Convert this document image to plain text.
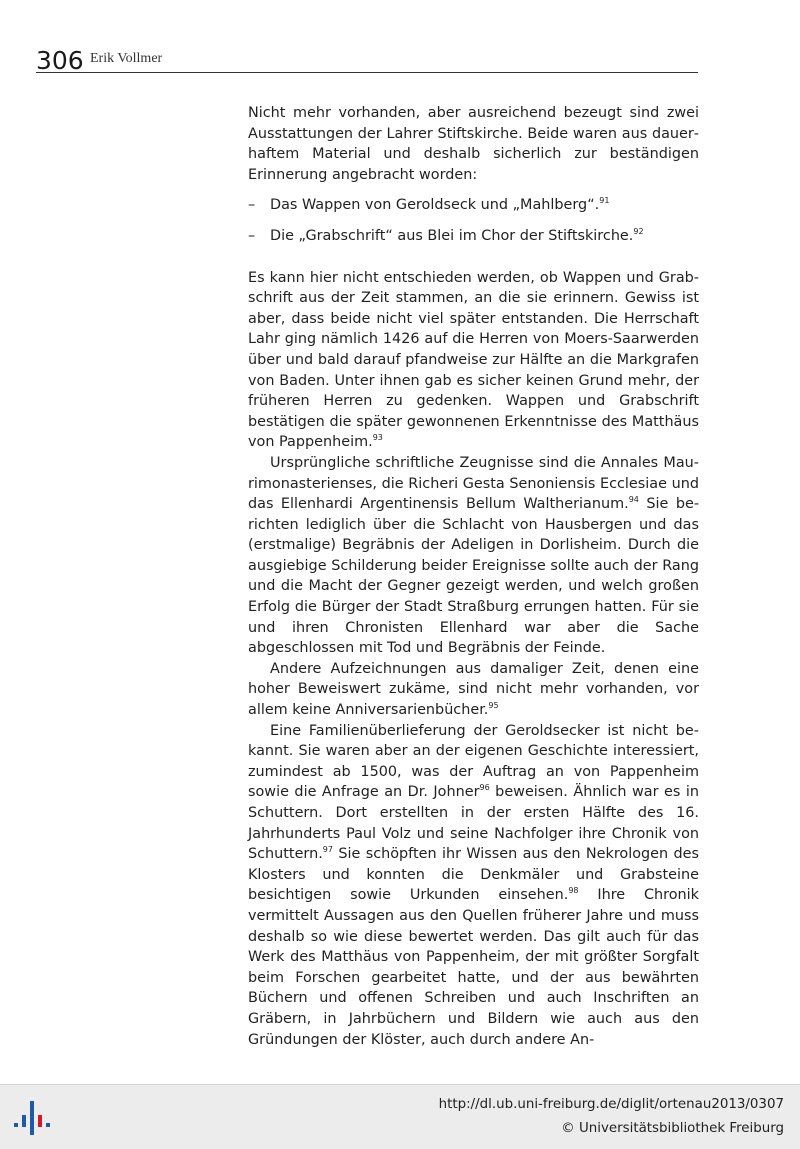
306 Erik Vollmer

Nicht mehr vorhanden, aber ausreichend bezeugt sind zwei Ausstattungen der Lahrer Stiftskirche. Beide waren aus dauerhaftem Material und deshalb sicherlich zur beständigen Erinnerung angebracht worden:

– Das Wappen von Geroldseck und „Mahlberg“.$^{91}$
– Die „Grabschrift“ aus Blei im Chor der Stiftskirche.$^{92}$

Es kann hier nicht entschieden werden, ob Wappen und Grabschrift aus der Zeit stammen, an die sie erinnern. Gewiss ist aber, dass beide nicht viel später entstanden. Die Herrschaft Lahr ging nämlich 1426 auf die Herren von Moers-Saarwerden über und bald darauf pfandweise zur Hälfte an die Markgrafen von Baden. Unter ihnen gab es sicher keinen Grund mehr, der früheren Herren zu gedenken. Wappen und Grabschrift bestätigen die später gewonnenen Erkenntnisse des Matthäus von Pappenheim.$^{93}$

Ursprüngliche schriftliche Zeugnisse sind die Annales Maurimonasterienses, die Richeri Gesta Senoniensis Ecclesiae und das Ellenhardi Argentinensis Bellum Waltherianum.$^{94}$ Sie berichten lediglich über die Schlacht von Hausbergen und das (erstmalige) Begräbnis der Adeligen in Dorlisheim. Durch die ausgiebige Schilderung beider Ereignisse sollte auch der Rang und die Macht der Gegner gezeigt werden, und welch großen Erfolg die Bürger der Stadt Straßburg errungen hatten. Für sie und ihren Chronisten Ellenhard war aber die Sache abgeschlossen mit Tod und Begräbnis der Feinde.

Andere Aufzeichnungen aus damaliger Zeit, denen eine hoher Beweiswert zukäme, sind nicht mehr vorhanden, vor allem keine Anniversarienbücher.$^{95}$

Eine Familienüberlieferung der Geroldsecker ist nicht bekannt. Sie waren aber an der eigenen Geschichte interessiert, zumindest ab 1500, was der Auftrag an von Pappenheim sowie die Anfrage an Dr. Johner$^{96}$ beweisen. Ähnlich war es in Schuttern. Dort erstellten in der ersten Hälfte des 16. Jahrhunderts Paul Volz und seine Nachfolger ihre Chronik von Schuttern.$^{97}$ Sie schöpften ihr Wissen aus den Nekrologen des Klosters und konnten die Denkmäler und Grabsteine besichtigen sowie Urkunden einsehen.$^{98}$ Ihre Chronik vermittelt Aussagen aus den Quellen früherer Jahre und muss deshalb so wie diese bewertet werden. Das gilt auch für das Werk des Matthäus von Pappenheim, der mit größter Sorgfalt beim Forschen gearbeitet hatte, und der aus bewährten Büchern und offenen Schreiben und auch Inschriften an Gräbern, in Jahrbüchern und Bildern wie auch aus den Gründungen der Klöster, auch durch andere An-

http://dl.ub.uni-freiburg.de/diglit/ortenau2013/0307
© Universitätsbibliothek Freiburg
